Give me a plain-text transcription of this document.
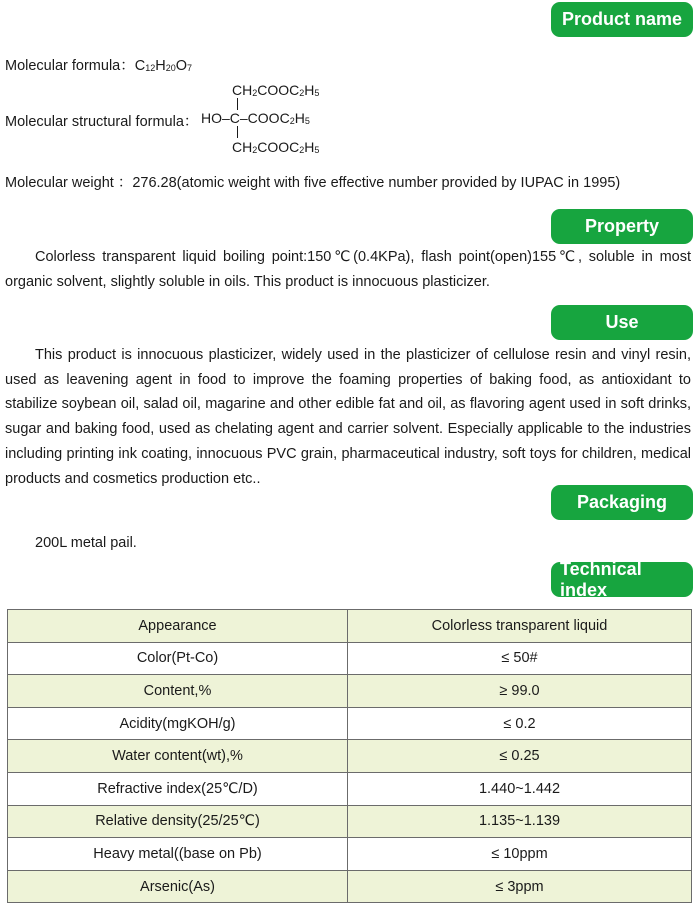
Product name
Molecular formula：$C_{12}H_{20}O_7$
Molecular structural formula：
$CH_2COOC_2H_5$
$HO-C-COOC_2H_5$
$CH_2COOC_2H_5$
Molecular weight ：276.28(atomic weight with five effective number provided by IUPAC in 1995)
Property

Colorless transparent liquid boiling point:150℃(0.4KPa), flash point(open)155℃, soluble in most organic solvent, slightly soluble in oils. This product is innocuous plasticizer.

Use

This product is innocuous plasticizer, widely used in the plasticizer of cellulose resin and vinyl resin, used as leavening agent in food to improve the foaming properties of baking food, as antioxidant to stabilize soybean oil, salad oil, magarine and other edible fat and oil, as flavoring agent used in soft drinks, sugar and baking food, used as chelating agent and carrier solvent. Especially applicable to the industries including printing ink coating, innocuous PVC grain, pharmaceutical industry, soft toys for children, medical products and cosmetics production etc..

Packaging
200L metal pail.
Technical index
Appearance	Colorless transparent liquid
Color(Pt-Co)	≤ 50#
Content,%	≥ 99.0
Acidity(mgKOH/g)	≤ 0.2
Water content(wt),%	≤ 0.25
Refractive index(25℃/D)	1.440~1.442
Relative density(25/25℃)	1.135~1.139
Heavy metal((base on Pb)	≤ 10ppm
Arsenic(As)	≤ 3ppm
